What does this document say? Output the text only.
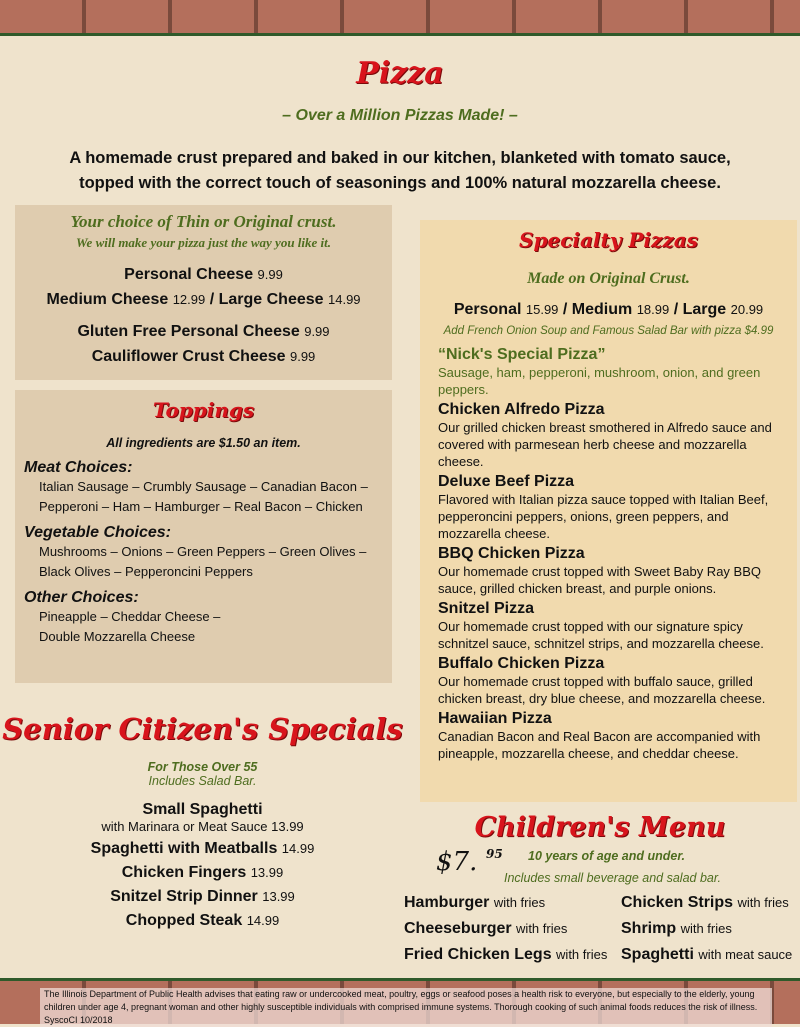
Pizza
– Over a Million Pizzas Made! –
A homemade crust prepared and baked in our kitchen, blanketed with tomato sauce,
topped with the correct touch of seasonings and 100% natural mozzarella cheese.
Your choice of Thin or Original crust.
We will make your pizza just the way you like it.
Personal Cheese 9.99
Medium Cheese 12.99 / Large Cheese 14.99
Gluten Free Personal Cheese 9.99
Cauliflower Crust Cheese 9.99
Toppings
All ingredients are $1.50 an item.
Meat Choices:
Italian Sausage – Crumbly Sausage – Canadian Bacon –
Pepperoni – Ham – Hamburger – Real Bacon – Chicken
Vegetable Choices:
Mushrooms – Onions – Green Peppers – Green Olives –
Black Olives – Pepperoncini Peppers
Other Choices:
Pineapple – Cheddar Cheese –
Double Mozzarella Cheese
Senior Citizen's Specials
For Those Over 55
Includes Salad Bar.
Small Spaghetti
with Marinara or Meat Sauce 13.99
Spaghetti with Meatballs 14.99
Chicken Fingers 13.99
Snitzel Strip Dinner 13.99
Chopped Steak 14.99
Specialty Pizzas
Made on Original Crust.
Personal 15.99 / Medium 18.99 / Large 20.99
Add French Onion Soup and Famous Salad Bar with pizza $4.99
“Nick's Special Pizza”
Sausage, ham, pepperoni, mushroom, onion, and green peppers.
Chicken Alfredo Pizza
Our grilled chicken breast smothered in Alfredo sauce and covered with parmesean herb cheese and mozzarella cheese.
Deluxe Beef Pizza
Flavored with Italian pizza sauce topped with Italian Beef, pepperoncini peppers, onions, green peppers, and mozzarella cheese.
BBQ Chicken Pizza
Our homemade crust topped with Sweet Baby Ray BBQ sauce, grilled chicken breast, and purple onions.
Snitzel Pizza
Our homemade crust topped with our signature spicy schnitzel sauce, schnitzel strips, and mozzarella cheese.
Buffalo Chicken Pizza
Our homemade crust topped with buffalo sauce, grilled chicken breast, dry blue cheese, and mozzarella cheese.
Hawaiian Pizza
Canadian Bacon and Real Bacon are accompanied with pineapple, mozzarella cheese, and cheddar cheese.
Children's Menu
$7. 95 10 years of age and under.
Includes small beverage and salad bar.
Hamburger with fries	Chicken Strips with fries
Cheeseburger with fries	Shrimp with fries
Fried Chicken Legs with fries Spaghetti with meat sauce
The Illinois Department of Public Health advises that eating raw or undercooked meat, poultry, eggs or seafood poses a health risk to everyone, but especially to the elderly, young children under age 4, pregnant woman and other highly susceptible individuals with comprised immune systems. Thorough cooking of such animal foods reduces the risk of illness. SyscoCI 10/2018
